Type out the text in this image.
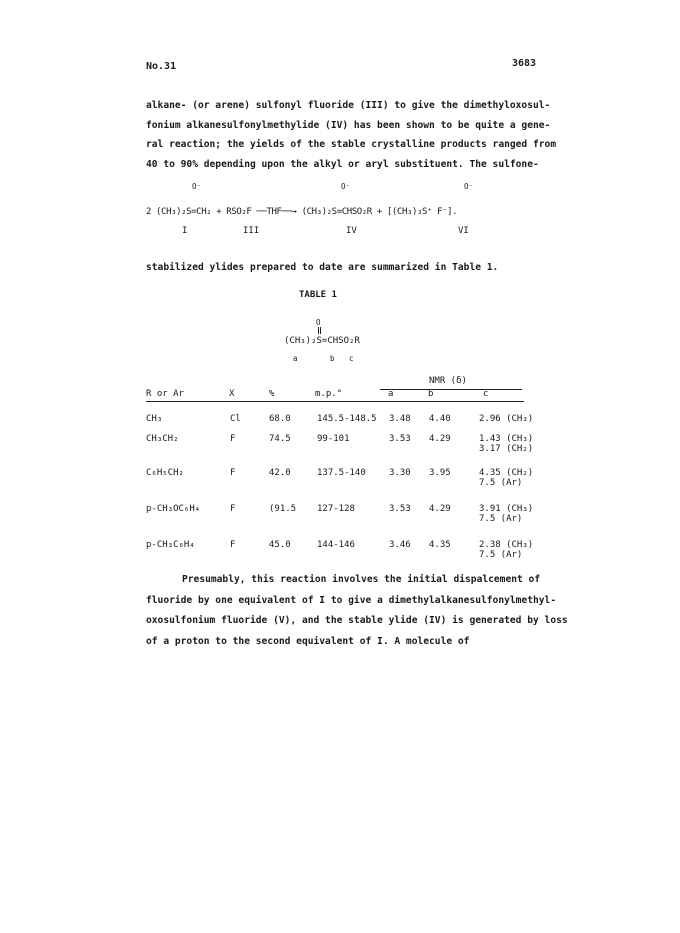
No.31	3683
alkane- (or arene) sulfonyl fluoride (III) to give the dimethyloxosul-
fonium alkanesulfonylmethylide (IV) has been shown to be quite a gene-
ral reaction; the yields of the stable crystalline products ranged from
40 to 90% depending upon the alkyl or aryl substituent. The sulfone-
O⁻	O⁻	O⁻
2 (CH₃)₂S=CH₂ + RSO₂F ──THF──→ (CH₃)₂S=CHSO₂R + [(CH₃)₃S⁺ F⁻].
I	III	IV	VI
stabilized ylides prepared to date are summarized in Table 1.
TABLE 1
O
(CH₃)₂S=CHSO₂R
a	b c
NMR (δ)
R or Ar	X	%	m.p.°	a	b	c
CH₃	Cl	68.0	145.5-148.5	3.48	4.40	2.96 (CH₃)
CH₃CH₂	F	74.5	99-101	3.53	4.29	1.43 (CH₃)
3.17 (CH₂)

C₆H₅CH₂	F	42.0	137.5-140	3.30	3.95	4.35 (CH₂)
7.5 (Ar)

p-CH₃OC₆H₄	F	(91.5	127-128	3.53	4.29	3.91 (CH₃)
7.5 (Ar)

p-CH₃C₆H₄	F	45.0	144-146	3.46	4.35	2.38 (CH₃)
7.5 (Ar)
Presumably, this reaction involves the initial dispalcement of
fluoride by one equivalent of I to give a dimethylalkanesulfonylmethyl-
oxosulfonium fluoride (V), and the stable ylide (IV) is generated by loss
of a proton to the second equivalent of I. A molecule of
